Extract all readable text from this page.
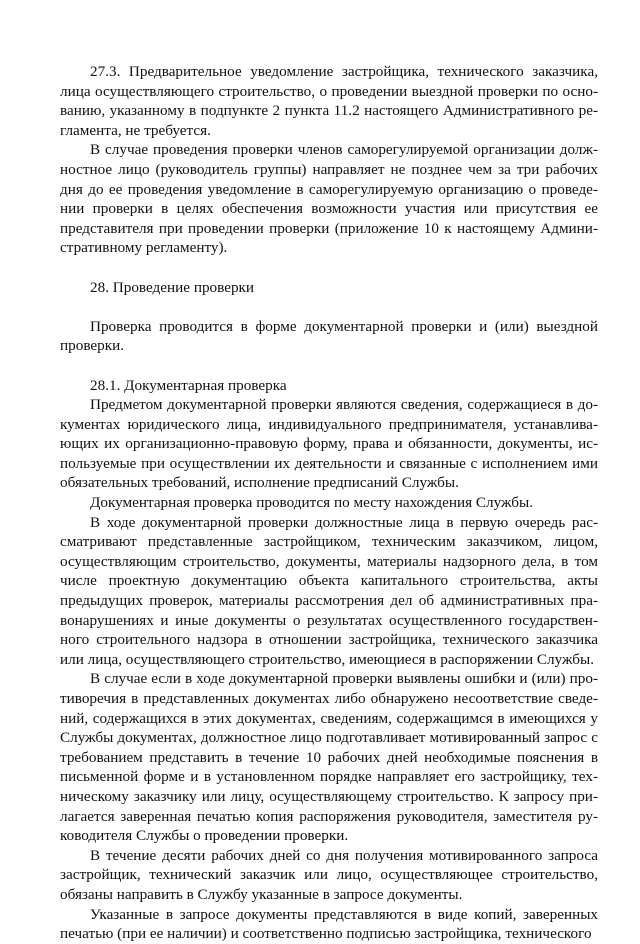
27.3. Предварительное уведомление застройщика, технического заказчика, лица осуществляющего строительство, о проведении выездной проверки по основанию, указанному в подпункте 2 пункта 11.2 настоящего Административного регламента, не требуется.

В случае проведения проверки членов саморегулируемой организации должностное лицо (руководитель группы) направляет не позднее чем за три рабочих дня до ее проведения уведомление в саморегулируемую организацию о проведении проверки в целях обеспечения возможности участия или присутствия ее представителя при проведении проверки (приложение 10 к настоящему Административному регламенту).

28. Проведение проверки

Проверка проводится в форме документарной проверки и (или) выездной проверки.

28.1. Документарная проверка

Предметом документарной проверки являются сведения, содержащиеся в документах юридического лица, индивидуального предпринимателя, устанавливающих их организационно-правовую форму, права и обязанности, документы, используемые при осуществлении их деятельности и связанные с исполнением ими обязательных требований, исполнение предписаний Службы.

Документарная проверка проводится по месту нахождения Службы.

В ходе документарной проверки должностные лица в первую очередь рассматривают представленные застройщиком, техническим заказчиком, лицом, осуществляющим строительство, документы, материалы надзорного дела, в том числе проектную документацию объекта капитального строительства, акты предыдущих проверок, материалы рассмотрения дел об административных правонарушениях и иные документы о результатах осуществленного государственного строительного надзора в отношении застройщика, технического заказчика или лица, осуществляющего строительство, имеющиеся в распоряжении Службы.

В случае если в ходе документарной проверки выявлены ошибки и (или) противоречия в представленных документах либо обнаружено несоответствие сведений, содержащихся в этих документах, сведениям, содержащимся в имеющихся у Службы документах, должностное лицо подготавливает мотивированный запрос с требованием представить в течение 10 рабочих дней необходимые пояснения в письменной форме и в установленном порядке направляет его застройщику, техническому заказчику или лицу, осуществляющему строительство. К запросу прилагается заверенная печатью копия распоряжения руководителя, заместителя руководителя Службы о проведении проверки.

В течение десяти рабочих дней со дня получения мотивированного запроса застройщик, технический заказчик или лицо, осуществляющее строительство, обязаны направить в Службу указанные в запросе документы.

Указанные в запросе документы представляются в виде копий, заверенных печатью (при ее наличии) и соответственно подписью застройщика, технического
